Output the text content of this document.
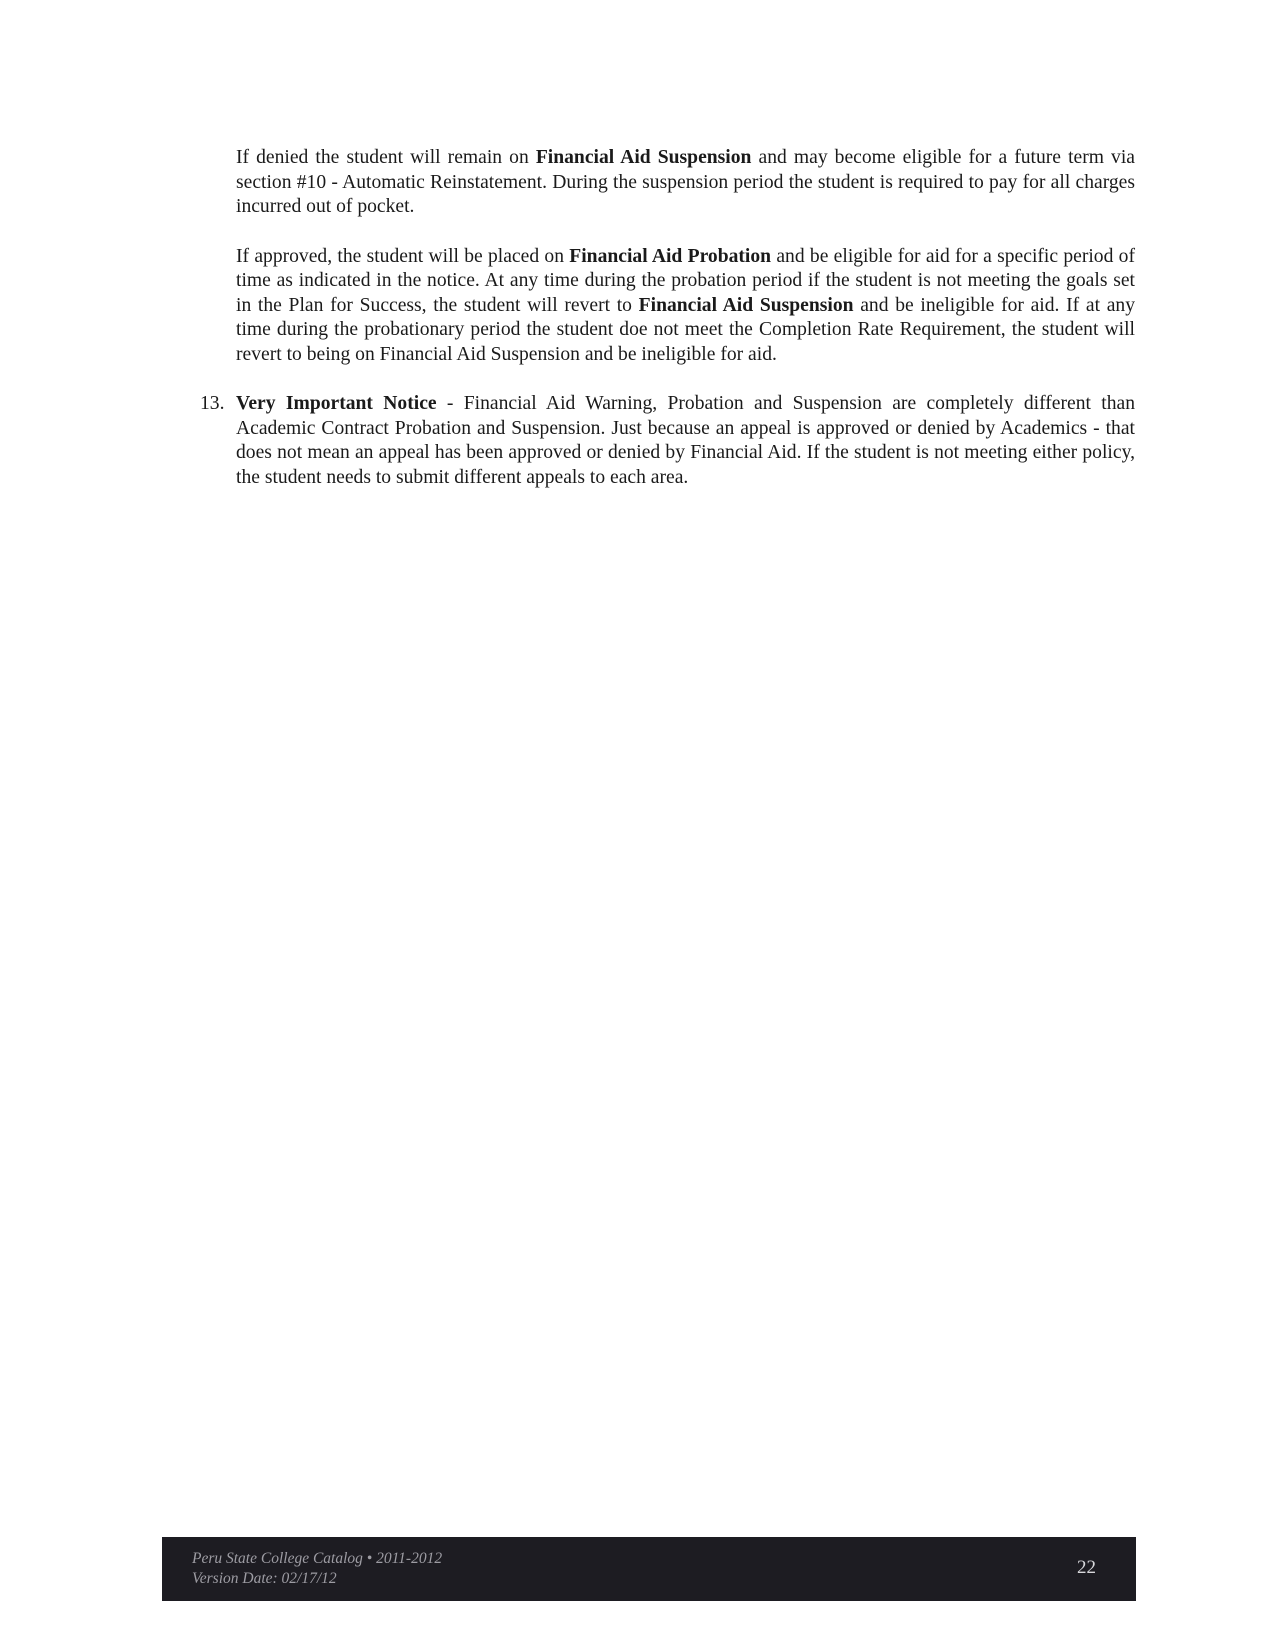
If denied the student will remain on Financial Aid Suspension and may become eligible for a future term via section #10 - Automatic Reinstatement. During the suspension period the student is required to pay for all charges incurred out of pocket.

If approved, the student will be placed on Financial Aid Probation and be eligible for aid for a specific period of time as indicated in the notice. At any time during the probation period if the student is not meeting the goals set in the Plan for Success, the student will revert to Financial Aid Suspension and be ineligible for aid. If at any time during the probationary period the student doe not meet the Completion Rate Requirement, the student will revert to being on Financial Aid Suspension and be ineligible for aid.

13. Very Important Notice - Financial Aid Warning, Probation and Suspension are completely different than Academic Contract Probation and Suspension. Just because an appeal is approved or denied by Academics - that does not mean an appeal has been approved or denied by Financial Aid. If the student is not meeting either policy, the student needs to submit different appeals to each area.
Peru State College Catalog • 2011-2012
Version Date: 02/17/12
22
